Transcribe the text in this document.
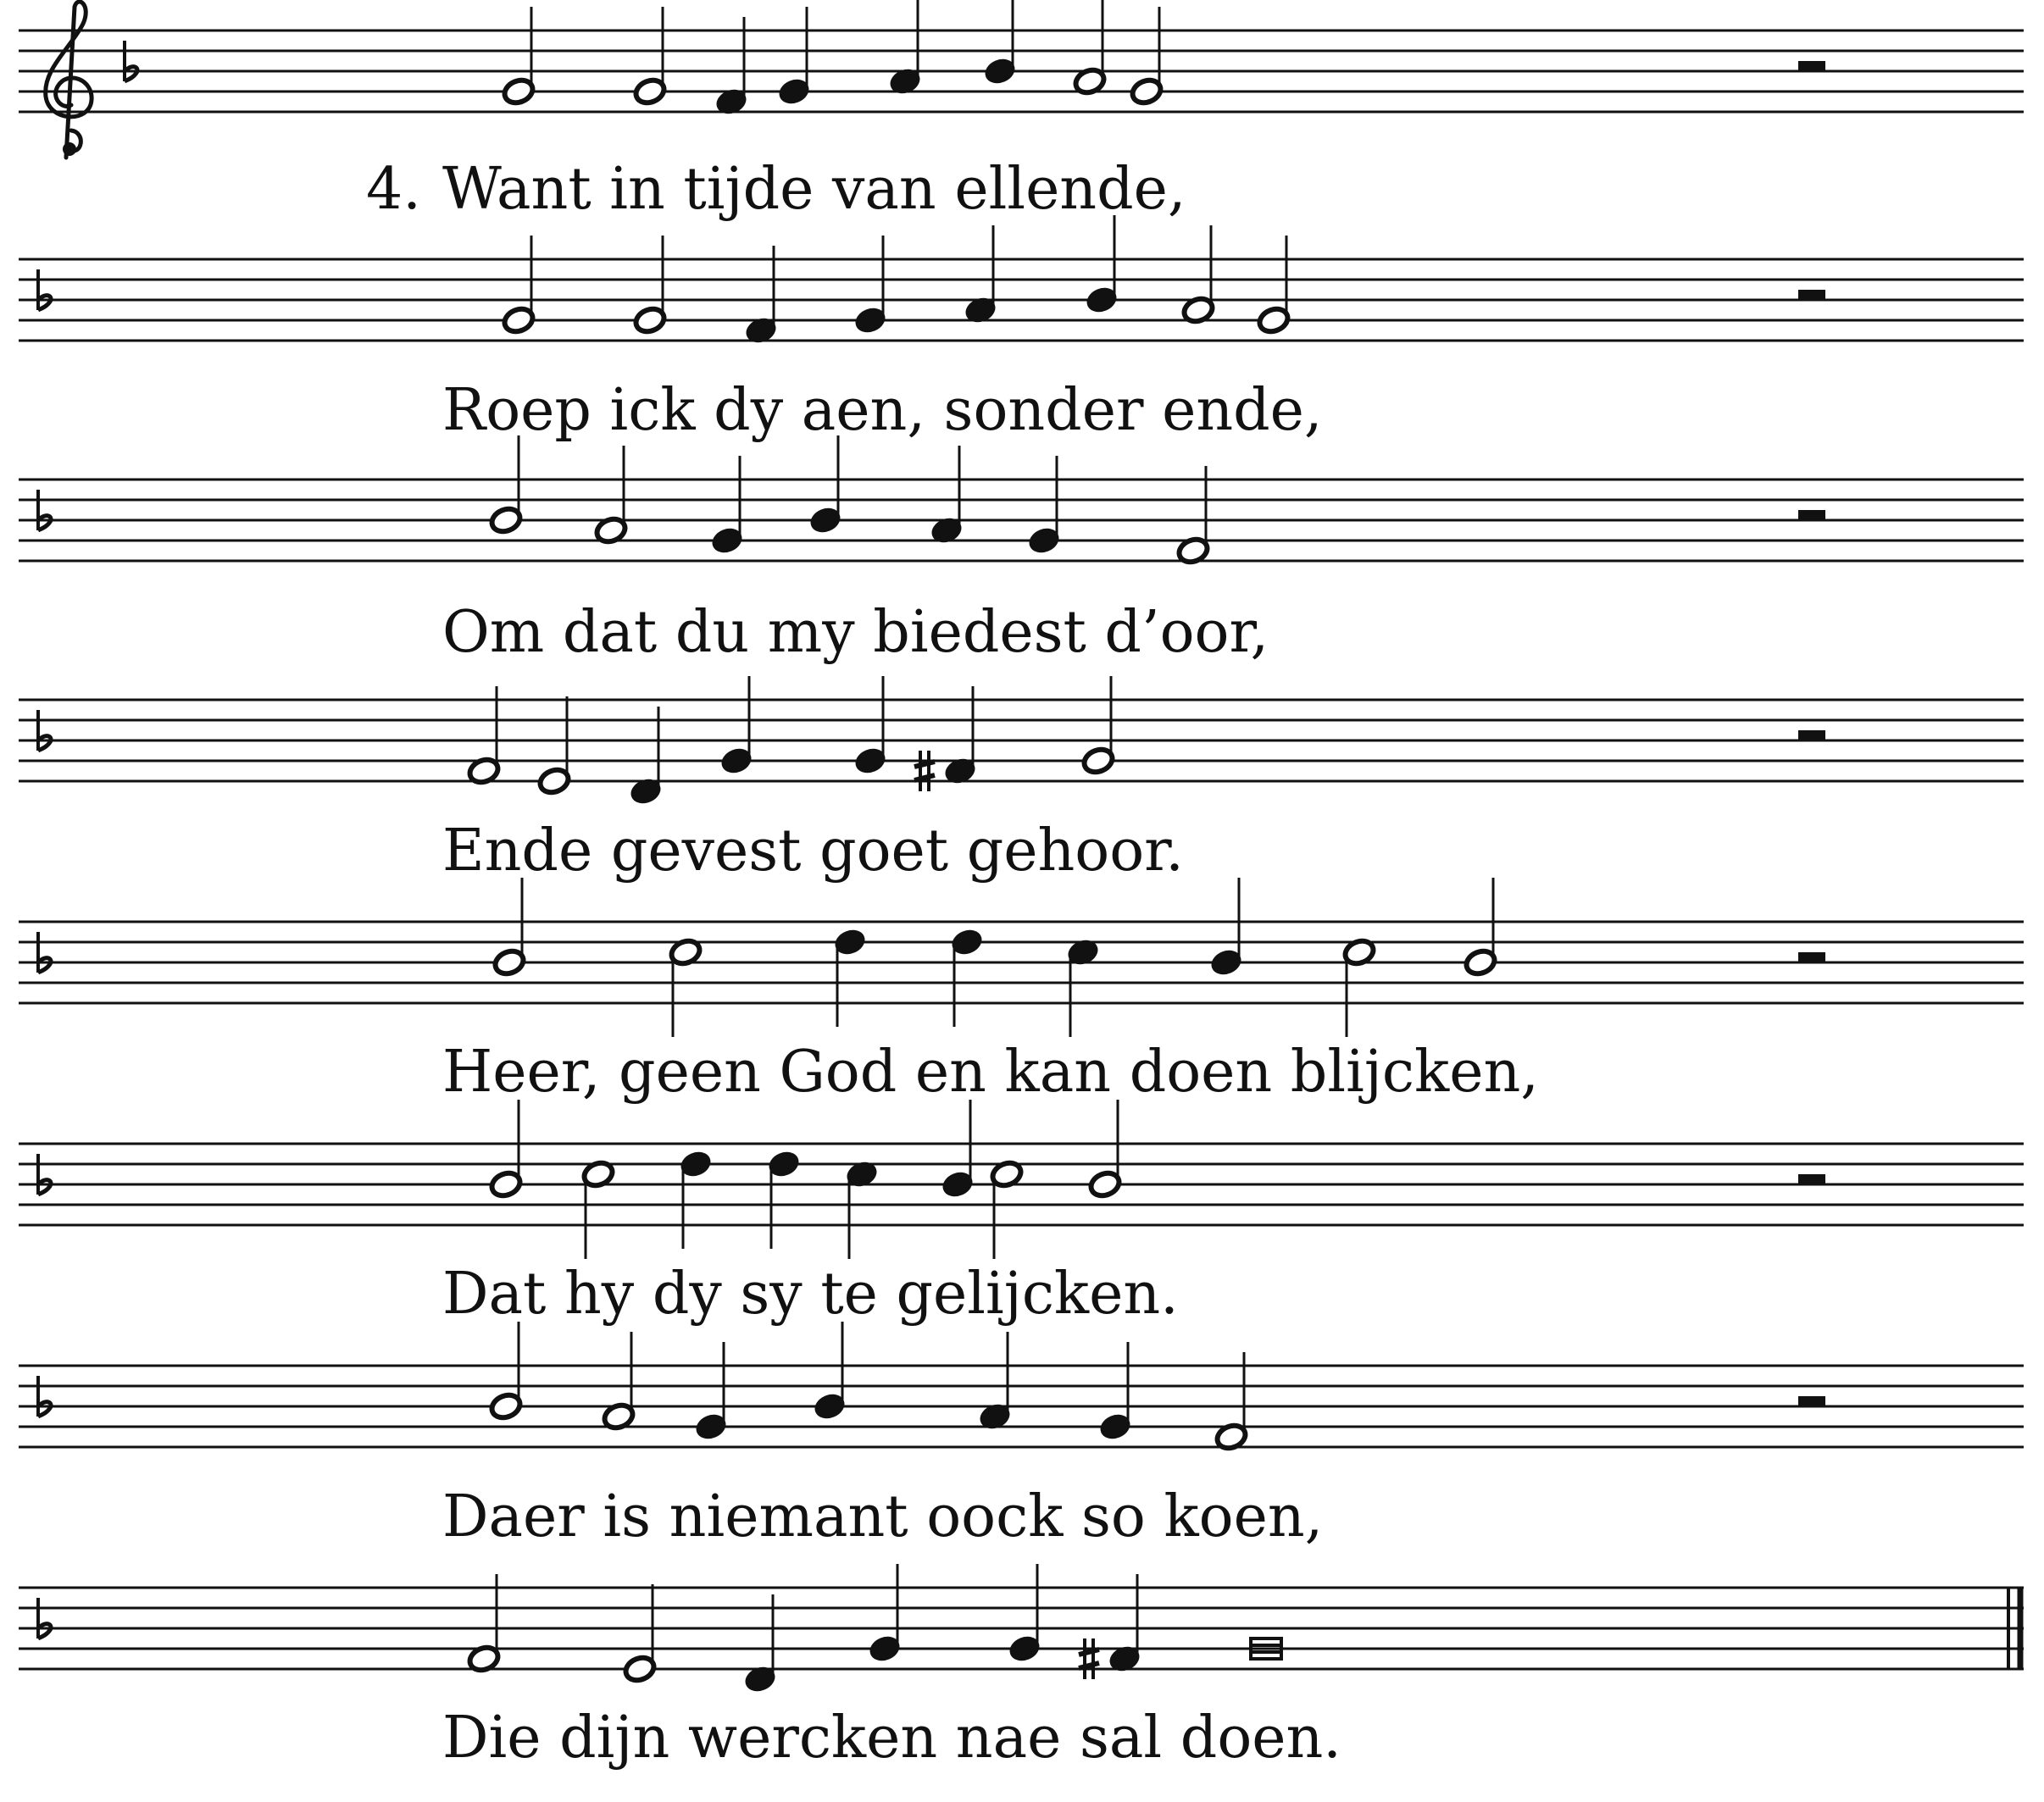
4. Want in tijde van ellende,
Roep ick dy aen, sonder ende,
Om dat du my biedest d’oor,
Ende gevest goet gehoor.
Heer, geen God en kan doen blijcken,
Dat hy dy sy te gelijcken.
Daer is niemant oock so koen,
Die dijn wercken nae sal doen.
